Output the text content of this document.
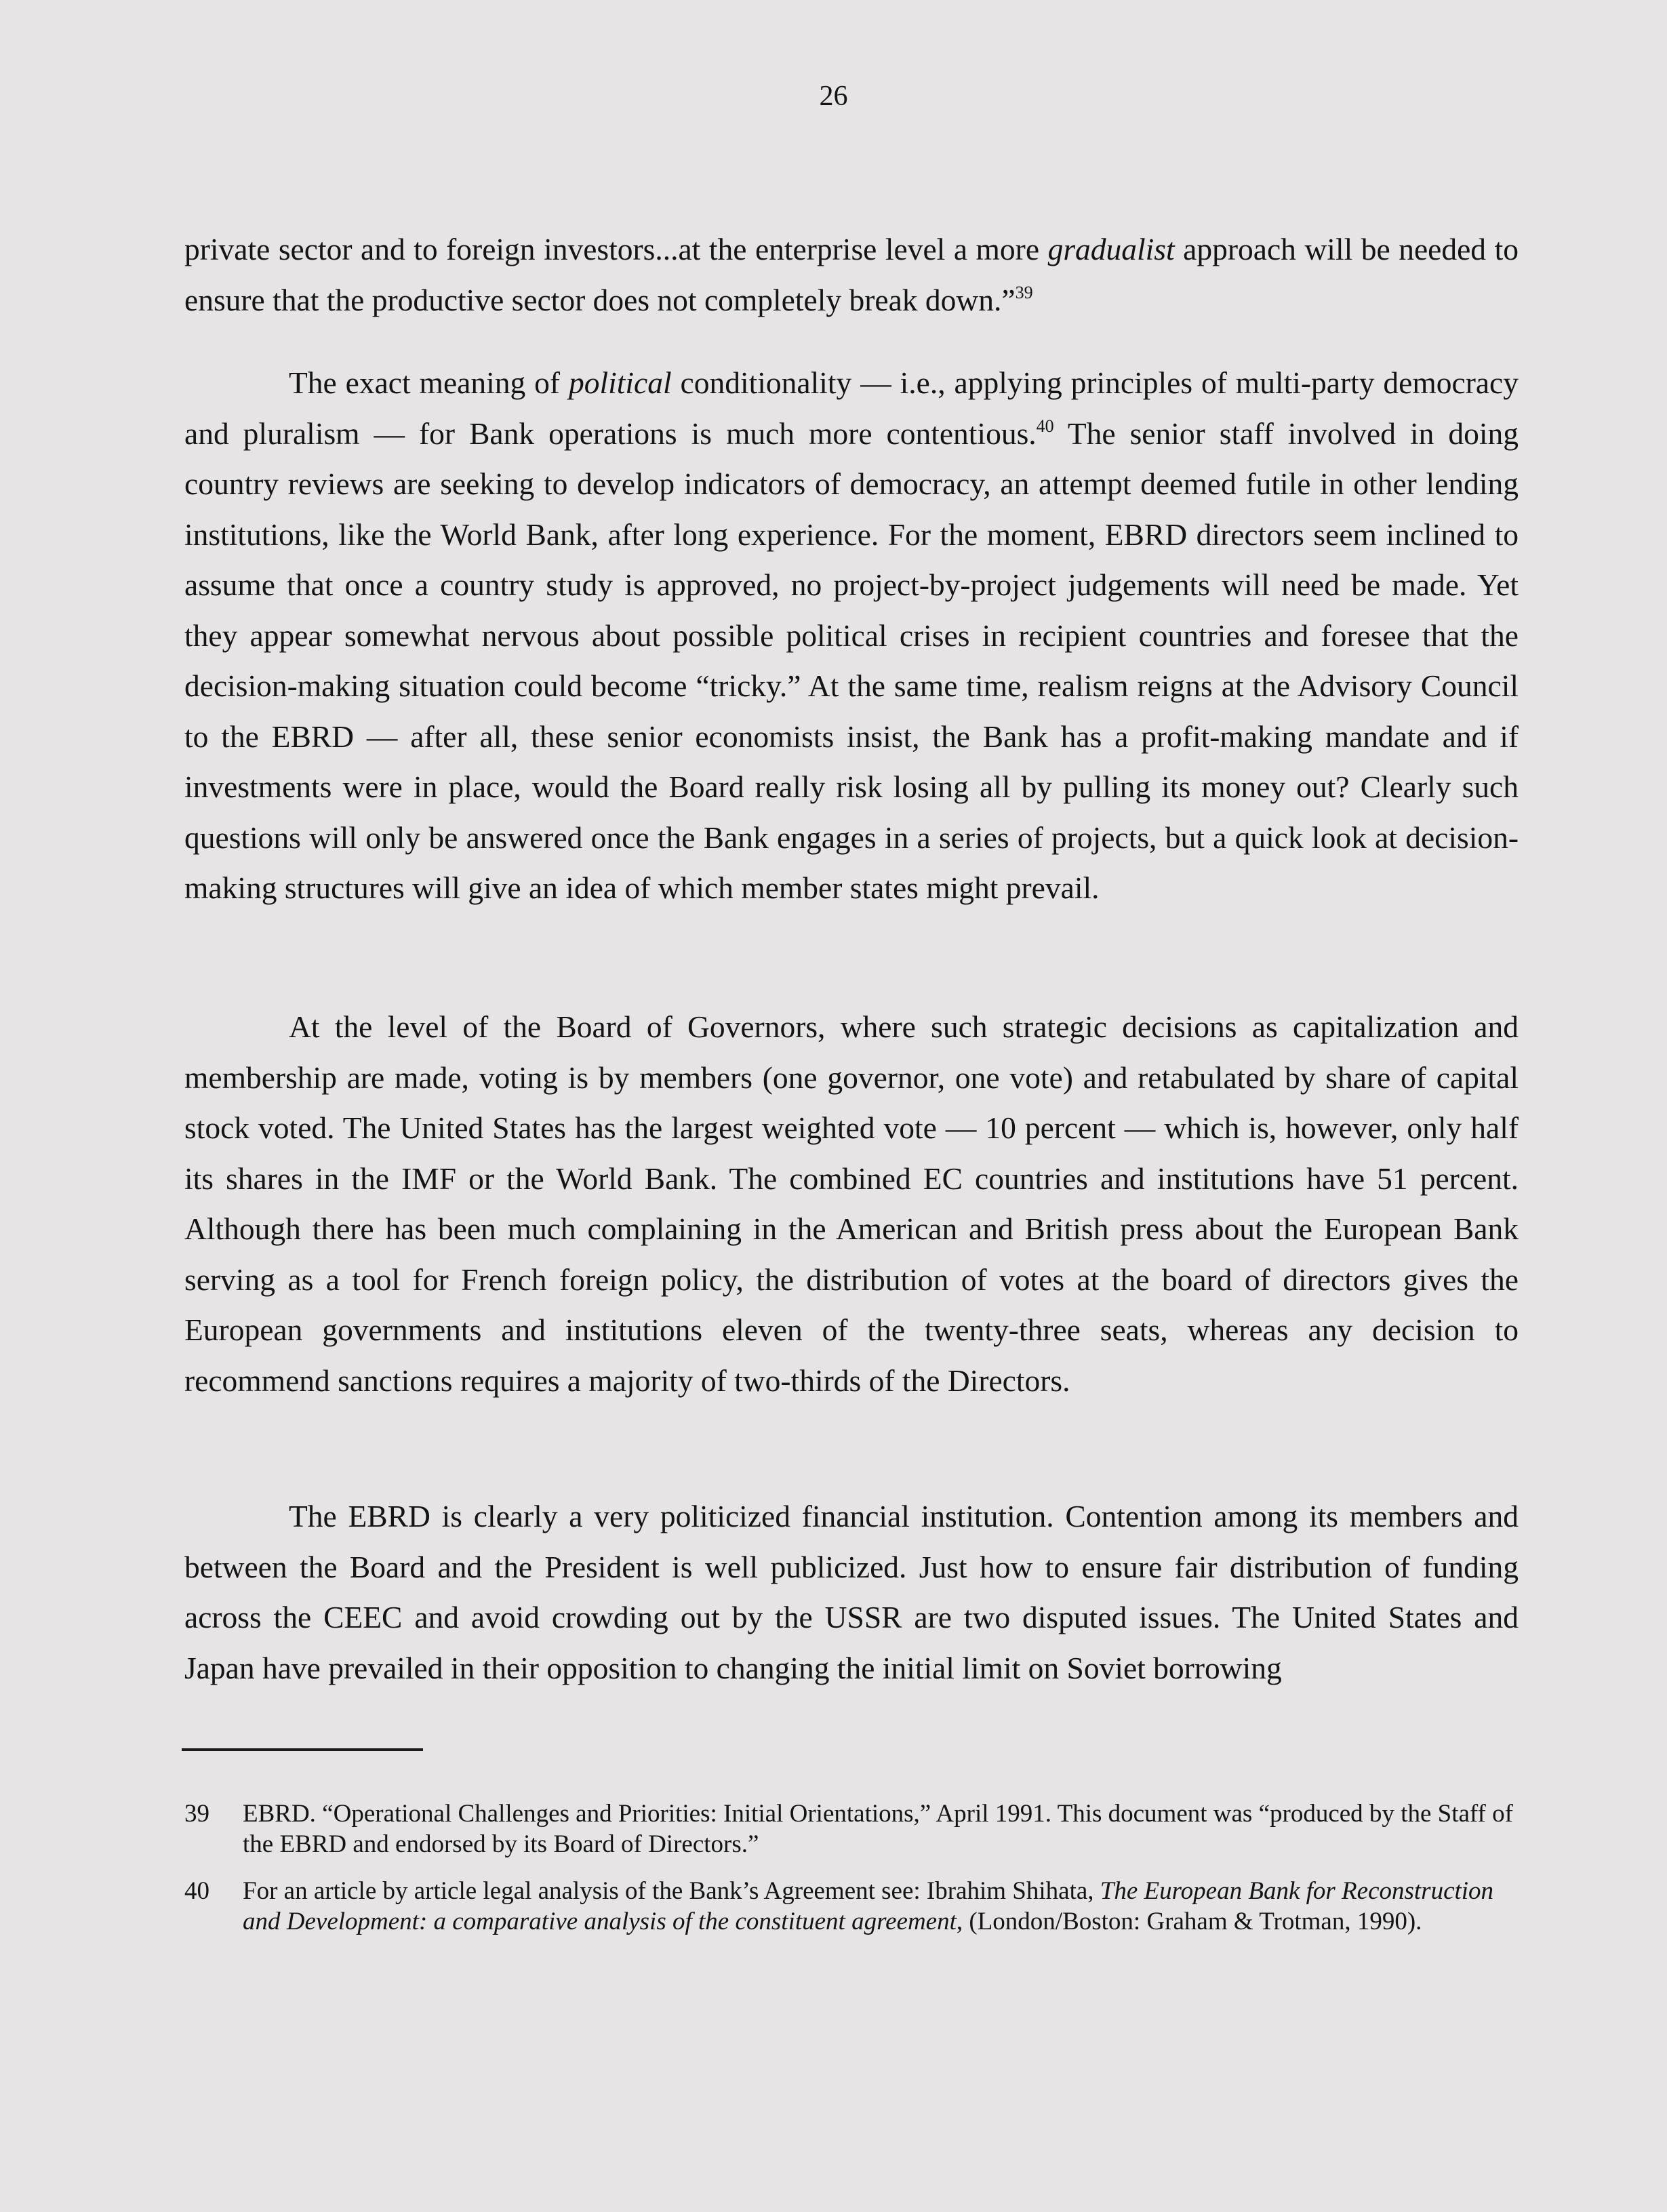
26

private sector and to foreign investors...at the enterprise level a more gradualist approach will be needed to ensure that the productive sector does not completely break down.”$^{39}$

The exact meaning of political conditionality — i.e., applying principles of multi-party democracy and pluralism — for Bank operations is much more contentious.$^{40}$ The senior staff involved in doing country reviews are seeking to develop indicators of democracy, an attempt deemed futile in other lending institutions, like the World Bank, after long experience. For the moment, EBRD directors seem inclined to assume that once a country study is approved, no project-by-project judgements will need be made. Yet they appear somewhat nervous about possible political crises in recipient countries and foresee that the decision-making situation could become “tricky.” At the same time, realism reigns at the Advisory Council to the EBRD — after all, these senior economists insist, the Bank has a profit-making mandate and if investments were in place, would the Board really risk losing all by pulling its money out? Clearly such questions will only be answered once the Bank engages in a series of projects, but a quick look at decision-making structures will give an idea of which member states might prevail.

At the level of the Board of Governors, where such strategic decisions as capitalization and membership are made, voting is by members (one governor, one vote) and retabulated by share of capital stock voted. The United States has the largest weighted vote — 10 percent — which is, however, only half its shares in the IMF or the World Bank. The combined EC countries and institutions have 51 percent. Although there has been much complaining in the American and British press about the European Bank serving as a tool for French foreign policy, the distribution of votes at the board of directors gives the European governments and institutions eleven of the twenty-three seats, whereas any decision to recommend sanctions requires a majority of two-thirds of the Directors.

The EBRD is clearly a very politicized financial institution. Contention among its members and between the Board and the President is well publicized. Just how to ensure fair distribution of funding across the CEEC and avoid crowding out by the USSR are two disputed issues. The United States and Japan have prevailed in their opposition to changing the initial limit on Soviet borrowing

39 EBRD. “Operational Challenges and Priorities: Initial Orientations,” April 1991. This document was “produced by the Staff of the EBRD and endorsed by its Board of Directors.”
40 For an article by article legal analysis of the Bank’s Agreement see: Ibrahim Shihata, The European Bank for Reconstruction and Development: a comparative analysis of the constituent agreement, (London/Boston: Graham & Trotman, 1990).
